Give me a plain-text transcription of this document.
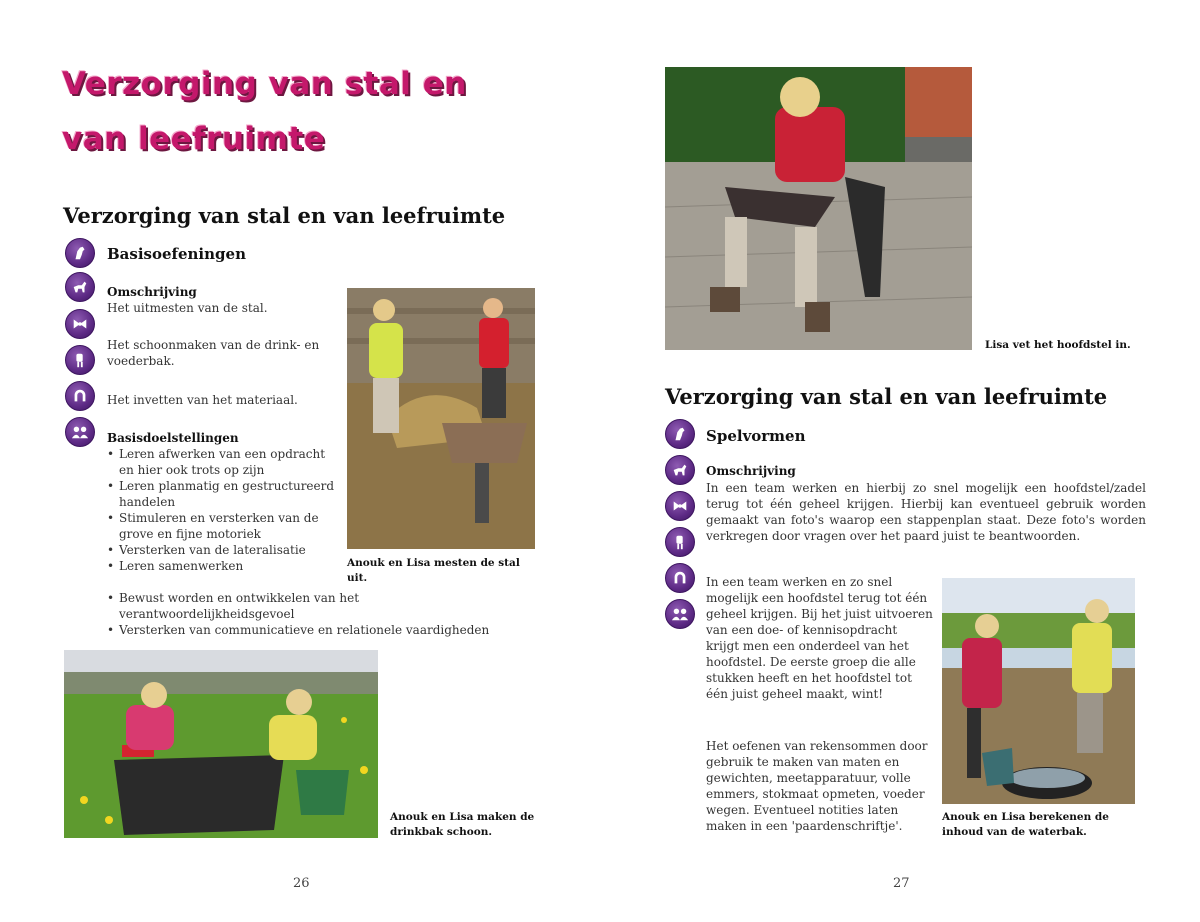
Verzorging van stal en
van leefruimte
Verzorging van stal en van leefruimte
Basisoefeningen
Omschrijving
Het uitmesten van de stal.
Het schoonmaken van de drink- en voederbak.
Het invetten van het materiaal.
Basisdoelstellingen
• Leren afwerken van een opdracht en hier ook trots op zijn
• Leren planmatig en gestructureerd handelen
• Stimuleren en versterken van de grove en fijne motoriek
• Versterken van de lateralisatie
• Leren samenwerken
• Bewust worden en ontwikkelen van het verantwoordelijkheidsgevoel
• Versterken van communicatieve en relationele vaardigheden
Anouk en Lisa mesten de stal uit.
Anouk en Lisa maken de drinkbak schoon.
26
Lisa vet het hoofdstel in.
Verzorging van stal en van leefruimte
Spelvormen
Omschrijving
In een team werken en hierbij zo snel mogelijk een hoofdstel/zadel terug tot één geheel krijgen. Hierbij kan eventueel gebruik worden gemaakt van foto's waarop een stappenplan staat. Deze foto's worden verkregen door vragen over het paard juist te beantwoorden.
In een team werken en zo snel mogelijk een hoofdstel terug tot één geheel krijgen. Bij het juist uitvoeren van een doe- of kennisopdracht krijgt men een onderdeel van het hoofdstel. De eerste groep die alle stukken heeft en het hoofdstel tot één juist geheel maakt, wint!
Het oefenen van rekensommen door gebruik te maken van maten en gewichten, meetapparatuur, volle emmers, stokmaat opmeten, voeder wegen. Eventueel notities laten maken in een 'paardenschriftje'.
Anouk en Lisa berekenen de inhoud van de waterbak.
27
